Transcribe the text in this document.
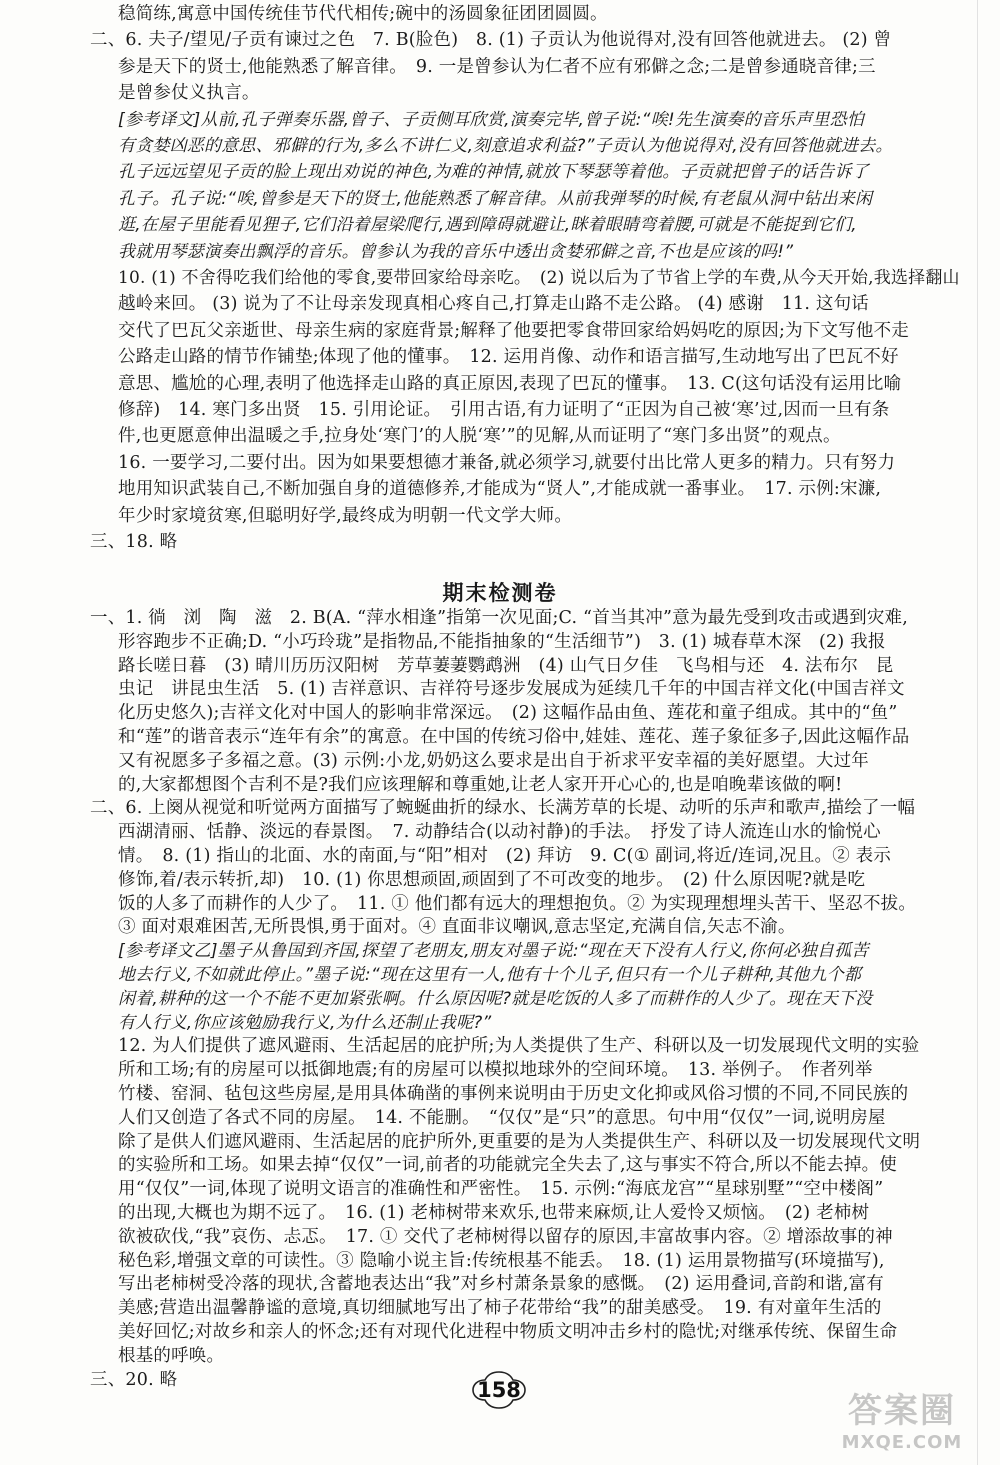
稳简练,寓意中国传统佳节代代相传;碗中的汤圆象征团团圆圆。
二、6. 夫子/望见/子贡有谏过之色　7. B(脸色)　8. (1) 子贡认为他说得对,没有回答他就进去。 (2) 曾
参是天下的贤士,他能熟悉了解音律。　9. 一是曾参认为仁者不应有邪僻之念;二是曾参通晓音律;三
是曾参仗义执言。
[参考译文]从前,孔子弹奏乐器,曾子、子贡侧耳欣赏,演奏完毕,曾子说:“唉!先生演奏的音乐声里恐怕
有贪婪凶恶的意思、邪僻的行为,多么不讲仁义,刻意追求利益?”子贡认为他说得对,没有回答他就进去。
孔子远远望见子贡的脸上现出劝说的神色,为难的神情,就放下琴瑟等着他。子贡就把曾子的话告诉了
孔子。孔子说:“唉,曾参是天下的贤士,他能熟悉了解音律。从前我弹琴的时候,有老鼠从洞中钻出来闲
逛,在屋子里能看见狸子,它们沿着屋梁爬行,遇到障碍就避让,眯着眼睛弯着腰,可就是不能捉到它们,
我就用琴瑟演奏出飘浮的音乐。曾参认为我的音乐中透出贪婪邪僻之音,不也是应该的吗!”
10. (1) 不舍得吃我们给他的零食,要带回家给母亲吃。　(2) 说以后为了节省上学的车费,从今天开始,我选择翻山
越岭来回。 (3) 说为了不让母亲发现真相心疼自己,打算走山路不走公路。 (4) 感谢　11. 这句话
交代了巴瓦父亲逝世、母亲生病的家庭背景;解释了他要把零食带回家给妈妈吃的原因;为下文写他不走
公路走山路的情节作铺垫;体现了他的懂事。　12. 运用肖像、动作和语言描写,生动地写出了巴瓦不好
意思、尴尬的心理,表明了他选择走山路的真正原因,表现了巴瓦的懂事。　13. C(这句话没有运用比喻
修辞)　14. 寒门多出贤　15. 引用论证。　引用古语,有力证明了“正因为自己被‘寒’过,因而一旦有条
件,也更愿意伸出温暖之手,拉身处‘寒门’的人脱‘寒’”的见解,从而证明了“寒门多出贤”的观点。
16. 一要学习,二要付出。因为如果要想德才兼备,就必须学习,就要付出比常人更多的精力。只有努力
地用知识武装自己,不断加强自身的道德修养,才能成为“贤人”,才能成就一番事业。　17. 示例:宋濂,
年少时家境贫寒,但聪明好学,最终成为明朝一代文学大师。
三、18. 略
期末检测卷
一、1. 徜　浏　陶　滋　2. B(A. “萍水相逢”指第一次见面;C. “首当其冲”意为最先受到攻击或遇到灾难,
形容跑步不正确;D. “小巧玲珑”是指物品,不能指抽象的“生活细节”)　3. (1) 城春草木深　(2) 我报
路长嗟日暮　(3) 晴川历历汉阳树　芳草萋萋鹦鹉洲　(4) 山气日夕佳　飞鸟相与还　4. 法布尔　昆
虫记　讲昆虫生活　5. (1) 吉祥意识、吉祥符号逐步发展成为延续几千年的中国吉祥文化(中国吉祥文
化历史悠久);吉祥文化对中国人的影响非常深远。　(2) 这幅作品由鱼、莲花和童子组成。其中的“鱼”
和“莲”的谐音表示“连年有余”的寓意。在中国的传统习俗中,娃娃、莲花、莲子象征多子,因此这幅作品
又有祝愿多子多福之意。(3) 示例:小龙,奶奶这么要求是出自于祈求平安幸福的美好愿望。大过年
的,大家都想图个吉利不是?我们应该理解和尊重她,让老人家开开心心的,也是咱晚辈该做的啊!
二、6. 上阕从视觉和听觉两方面描写了蜿蜒曲折的绿水、长满芳草的长堤、动听的乐声和歌声,描绘了一幅
西湖清丽、恬静、淡远的春景图。　7. 动静结合(以动衬静)的手法。　抒发了诗人流连山水的愉悦心
情。　8. (1) 指山的北面、水的南面,与“阳”相对　(2) 拜访　9. C(① 副词,将近/连词,况且。② 表示
修饰,着/表示转折,却)　10. (1) 你思想顽固,顽固到了不可改变的地步。　(2) 什么原因呢?就是吃
饭的人多了而耕作的人少了。　11. ① 他们都有远大的理想抱负。② 为实现理想埋头苦干、坚忍不拔。
③ 面对艰难困苦,无所畏惧,勇于面对。④ 直面非议嘲讽,意志坚定,充满自信,矢志不渝。
[参考译文乙]墨子从鲁国到齐国,探望了老朋友,朋友对墨子说:“现在天下没有人行义,你何必独自孤苦
地去行义,不如就此停止。”墨子说:“现在这里有一人,他有十个儿子,但只有一个儿子耕种,其他九个都
闲着,耕种的这一个不能不更加紧张啊。什么原因呢?就是吃饭的人多了而耕作的人少了。现在天下没
有人行义,你应该勉励我行义,为什么还制止我呢?”
12. 为人们提供了遮风避雨、生活起居的庇护所;为人类提供了生产、科研以及一切发展现代文明的实验
所和工场;有的房屋可以抵御地震;有的房屋可以模拟地球外的空间环境。　13. 举例子。　作者列举
竹楼、窑洞、毡包这些房屋,是用具体确凿的事例来说明由于历史文化抑或风俗习惯的不同,不同民族的
人们又创造了各式不同的房屋。　14. 不能删。　“仅仅”是“只”的意思。句中用“仅仅”一词,说明房屋
除了是供人们遮风避雨、生活起居的庇护所外,更重要的是为人类提供生产、科研以及一切发展现代文明
的实验所和工场。如果去掉“仅仅”一词,前者的功能就完全失去了,这与事实不符合,所以不能去掉。使
用“仅仅”一词,体现了说明文语言的准确性和严密性。　15. 示例:“海底龙宫”“星球别墅”“空中楼阁”
的出现,大概也为期不远了。　16. (1) 老柿树带来欢乐,也带来麻烦,让人爱怜又烦恼。　(2) 老柿树
欲被砍伐,“我”哀伤、忐忑。　17. ① 交代了老柿树得以留存的原因,丰富故事内容。② 增添故事的神
秘色彩,增强文章的可读性。③ 隐喻小说主旨:传统根基不能丢。　18. (1) 运用景物描写(环境描写),
写出老柿树受冷落的现状,含蓄地表达出“我”对乡村萧条景象的感慨。　(2) 运用叠词,音韵和谐,富有
美感;营造出温馨静谧的意境,真切细腻地写出了柿子花带给“我”的甜美感受。　19. 有对童年生活的
美好回忆;对故乡和亲人的怀念;还有对现代化进程中物质文明冲击乡村的隐忧;对继承传统、保留生命
根基的呼唤。
三、20. 略	158
答案圈
MXQE.COM
